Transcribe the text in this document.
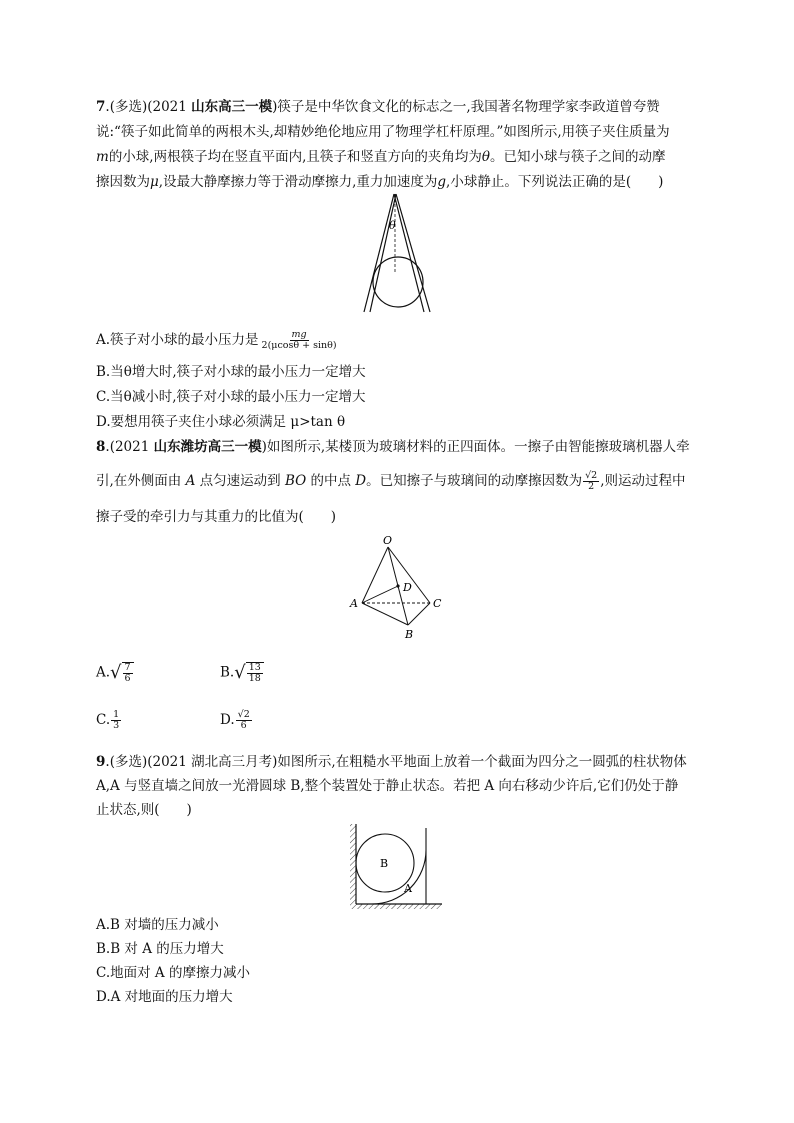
7.(多选)(2021 山东高三一模)筷子是中华饮食文化的标志之一,我国著名物理学家李政道曾夸赞
说:“筷子如此简单的两根木头,却精妙绝伦地应用了物理学杠杆原理。”如图所示,用筷子夹住质量为
m的小球,两根筷子均在竖直平面内,且筷子和竖直方向的夹角均为θ。已知小球与筷子之间的动摩
擦因数为μ,设最大静摩擦力等于滑动摩擦力,重力加速度为g,小球静止。下列说法正确的是(　　)
θ
A.筷子对小球的最小压力是 $\frac{mg}{2(\mu\cos\theta + \sin\theta)}$
B.当θ增大时,筷子对小球的最小压力一定增大
C.当θ减小时,筷子对小球的最小压力一定增大
D.要想用筷子夹住小球必须满足 μ>tan θ
8.(2021 山东潍坊高三一模)如图所示,某楼顶为玻璃材料的正四面体。一擦子由智能擦玻璃机器人牵
引,在外侧面由 A 点匀速运动到 BO 的中点 D。已知擦子与玻璃间的动摩擦因数为 $\frac{√2}{2}$ ,则运动过程中
擦子受的牵引力与其重力的比值为(　　)
O
D
A	C
B
A. √ $\frac{7}{6}$	B. √ $\frac{13}{18}$
C. $\frac{1}{3}$	D. $\frac{√2}{6}$
9.(多选)(2021 湖北高三月考)如图所示,在粗糙水平地面上放着一个截面为四分之一圆弧的柱状物体
A,A 与竖直墙之间放一光滑圆球 B,整个装置处于静止状态。若把 A 向右移动少许后,它们仍处于静
止状态,则(　　)
B
A
A.B 对墙的压力减小
B.B 对 A 的压力增大
C.地面对 A 的摩擦力减小
D.A 对地面的压力增大
